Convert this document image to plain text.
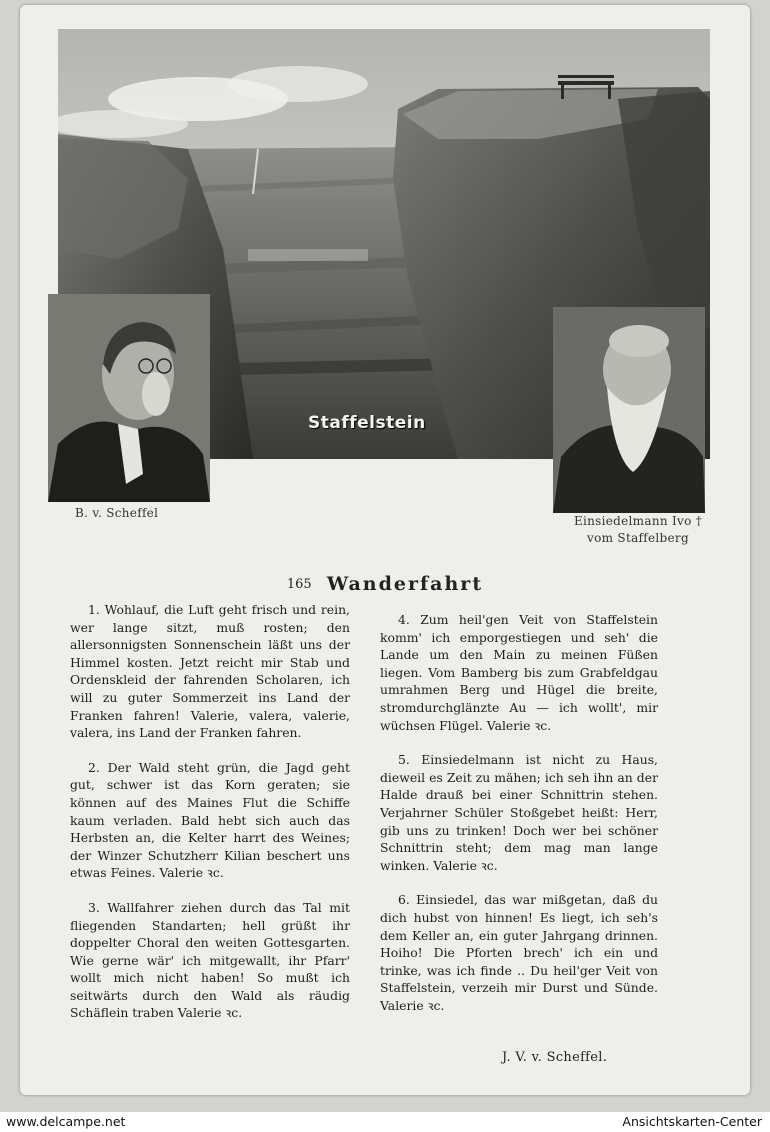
Staffelstein
B. v. Scheffel
Einsiedelmann Ivo †
vom Staffelberg
165 Wanderfahrt

1. Wohlauf, die Luft geht frisch und rein, wer lange sitzt, muß rosten; den allersonnigsten Sonnenschein läßt uns der Himmel kosten. Jetzt reicht mir Stab und Ordenskleid der fahrenden Scholaren, ich will zu guter Sommerzeit ins Land der Franken fahren! Valerie, valera, valerie, valera, ins Land der Franken fahren.

2. Der Wald steht grün, die Jagd geht gut, schwer ist das Korn geraten; sie können auf des Maines Flut die Schiffe kaum verladen. Bald hebt sich auch das Herbsten an, die Kelter harrt des Weines; der Winzer Schutzherr Kilian beschert uns etwas Feines. Valerie ꝛc.

3. Wallfahrer ziehen durch das Tal mit fliegenden Standarten; hell grüßt ihr doppelter Choral den weiten Gottesgarten. Wie gerne wär' ich mitgewallt, ihr Pfarr' wollt mich nicht haben! So mußt ich seitwärts durch den Wald als räudig Schäflein traben Valerie ꝛc.

4. Zum heil'gen Veit von Staffelstein komm' ich emporgestiegen und seh' die Lande um den Main zu meinen Füßen liegen. Vom Bamberg bis zum Grabfeldgau umrahmen Berg und Hügel die breite, stromdurchglänzte Au — ich wollt', mir wüchsen Flügel. Valerie ꝛc.

5. Einsiedelmann ist nicht zu Haus, dieweil es Zeit zu mähen; ich seh ihn an der Halde drauß bei einer Schnittrin stehen. Verjahrner Schüler Stoßgebet heißt: Herr, gib uns zu trinken! Doch wer bei schöner Schnittrin steht; dem mag man lange winken. Valerie ꝛc.

6. Einsiedel, das war mißgetan, daß du dich hubst von hinnen! Es liegt, ich seh's dem Keller an, ein guter Jahrgang drinnen. Hoiho! Die Pforten brech' ich ein und trinke, was ich finde .. Du heil'ger Veit von Staffelstein, verzeih mir Durst und Sünde. Valerie ꝛc.

J. V. v. Scheffel.
www.delcampe.net	Ansichtskarten-Center
